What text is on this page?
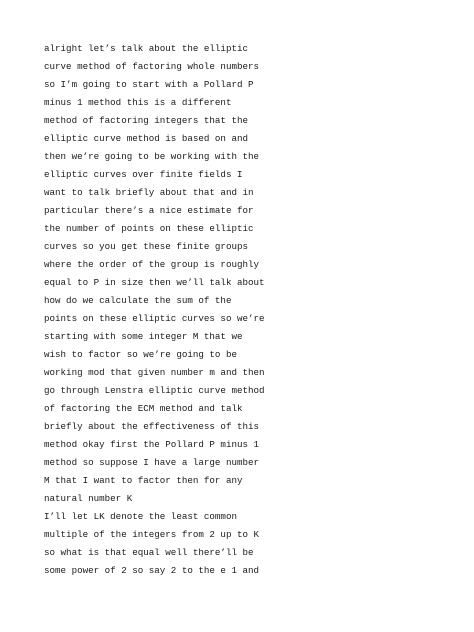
alright let’s talk about the elliptic

curve method of factoring whole numbers

so I’m going to start with a Pollard P

minus 1 method this is a different

method of factoring integers that the

elliptic curve method is based on and

then we’re going to be working with the

elliptic curves over finite fields I

want to talk briefly about that and in

particular there’s a nice estimate for

the number of points on these elliptic

curves so you get these finite groups

where the order of the group is roughly

equal to P in size then we’ll talk about

how do we calculate the sum of the

points on these elliptic curves so we’re

starting with some integer M that we

wish to factor so we’re going to be

working mod that given number m and then

go through Lenstra elliptic curve method

of factoring the ECM method and talk

briefly about the effectiveness of this

method okay first the Pollard P minus 1

method so suppose I have a large number

M that I want to factor then for any

natural number K

I’ll let LK denote the least common

multiple of the integers from 2 up to K

so what is that equal well there’ll be

some power of 2 so say 2 to the e 1 and
